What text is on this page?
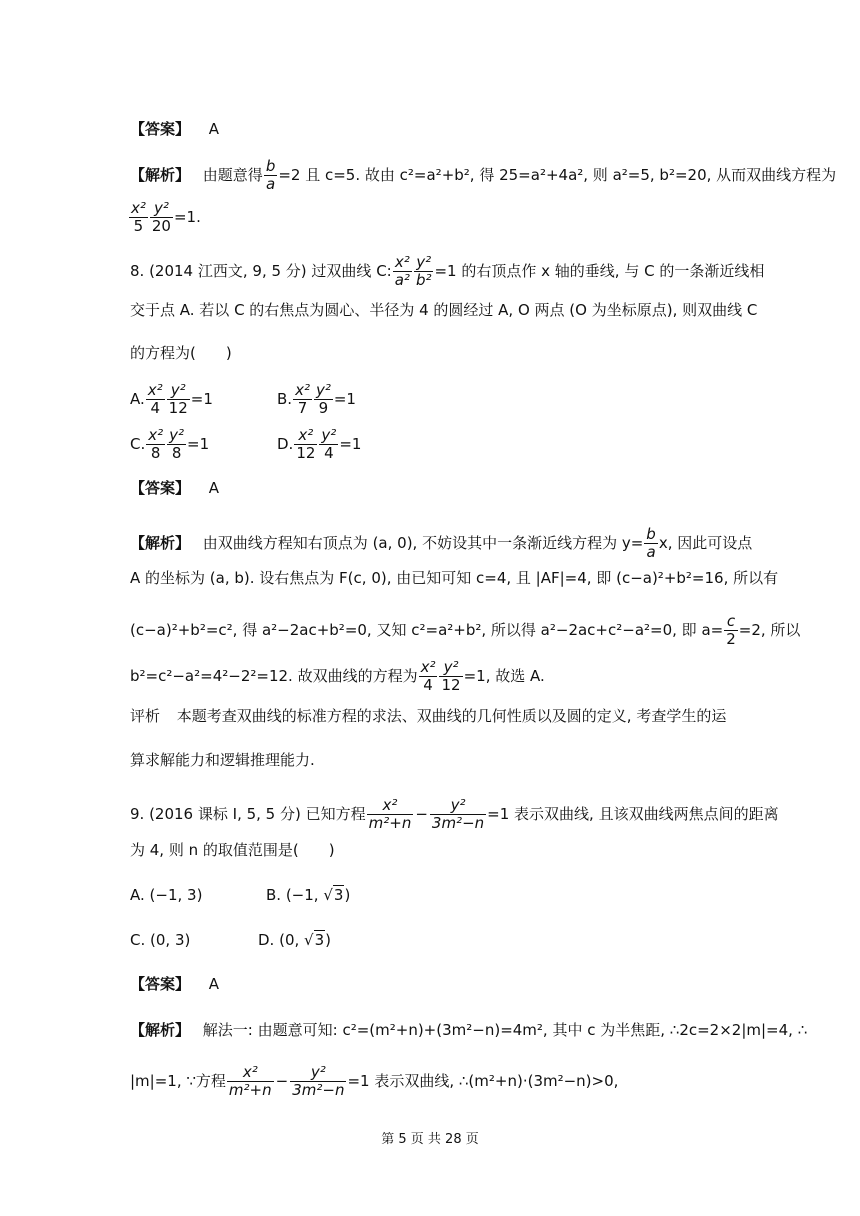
【答案】 A
【解析】 由题意得 $\frac{b}{a} =2$ 且 c=5. 故由 c²=a²+b², 得 25=a²+4a², 则 a²=5, b²=20, 从而双曲线方程为
$\frac{\text{x²}}{5} \frac{\text{y²}}{20} =1$.
8. (2014 江西文, 9, 5 分) 过双曲线 C: $\frac{\text{x²}}{\text{a²}} \frac{\text{y²}}{\text{b²}} =1$ 的右顶点作 x 轴的垂线, 与 C 的一条渐近线相
交于点 A. 若以 C 的右焦点为圆心、半径为 4 的圆经过 A, O 两点 (O 为坐标原点), 则双曲线 C
的方程为(　　)
A. $\frac{\text{x²}}{4} \frac{\text{y²}}{12} =1$	B. $\frac{\text{x²}}{7} \frac{\text{y²}}{9} =1$
C. $\frac{\text{x²}}{8} \frac{\text{y²}}{8} =1$	D. $\frac{\text{x²}}{12} \frac{\text{y²}}{4} =1$
【答案】 A
【解析】 由双曲线方程知右顶点为 (a, 0), 不妨设其中一条渐近线方程为 $y= \frac{b}{a} x$, 因此可设点
A 的坐标为 (a, b). 设右焦点为 F(c, 0), 由已知可知 c=4, 且 |AF|=4, 即 (c−a)²+b²=16, 所以有
(c−a)²+b²=c², 得 a²−2ac+b²=0, 又知 c²=a²+b², 所以得 a²−2ac+c²−a²=0, 即 $a= \frac{c}{2} =2$, 所以
b²=c²−a²=4²−2²=12. 故双曲线的方程为 $\frac{\text{x²}}{4} \frac{\text{y²}}{12} =1$, 故选 A.
评析 本题考查双曲线的标准方程的求法、双曲线的几何性质以及圆的定义, 考查学生的运
算求解能力和逻辑推理能力.
9. (2016 课标 Ⅰ, 5, 5 分) 已知方程 $\frac{\text{x²}}{\text{m²+n}} - \frac{\text{y²}}{\text{3m²−n}} =1$ 表示双曲线, 且该双曲线两焦点间的距离
为 4, 则 n 的取值范围是(　　)
A. (−1, 3)	B. (−1, √3)
C. (0, 3)	D. (0, √3)
【答案】 A
【解析】 解法一: 由题意可知: c²=(m²+n)+(3m²−n)=4m², 其中 c 为半焦距, ∴2c=2×2|m|=4, ∴
|m|=1, ∵方程 $\frac{\text{x²}}{\text{m²+n}} - \frac{\text{y²}}{\text{3m²−n}} =1$ 表示双曲线, ∴(m²+n)·(3m²−n)>0,
第 5 页 共 28 页
